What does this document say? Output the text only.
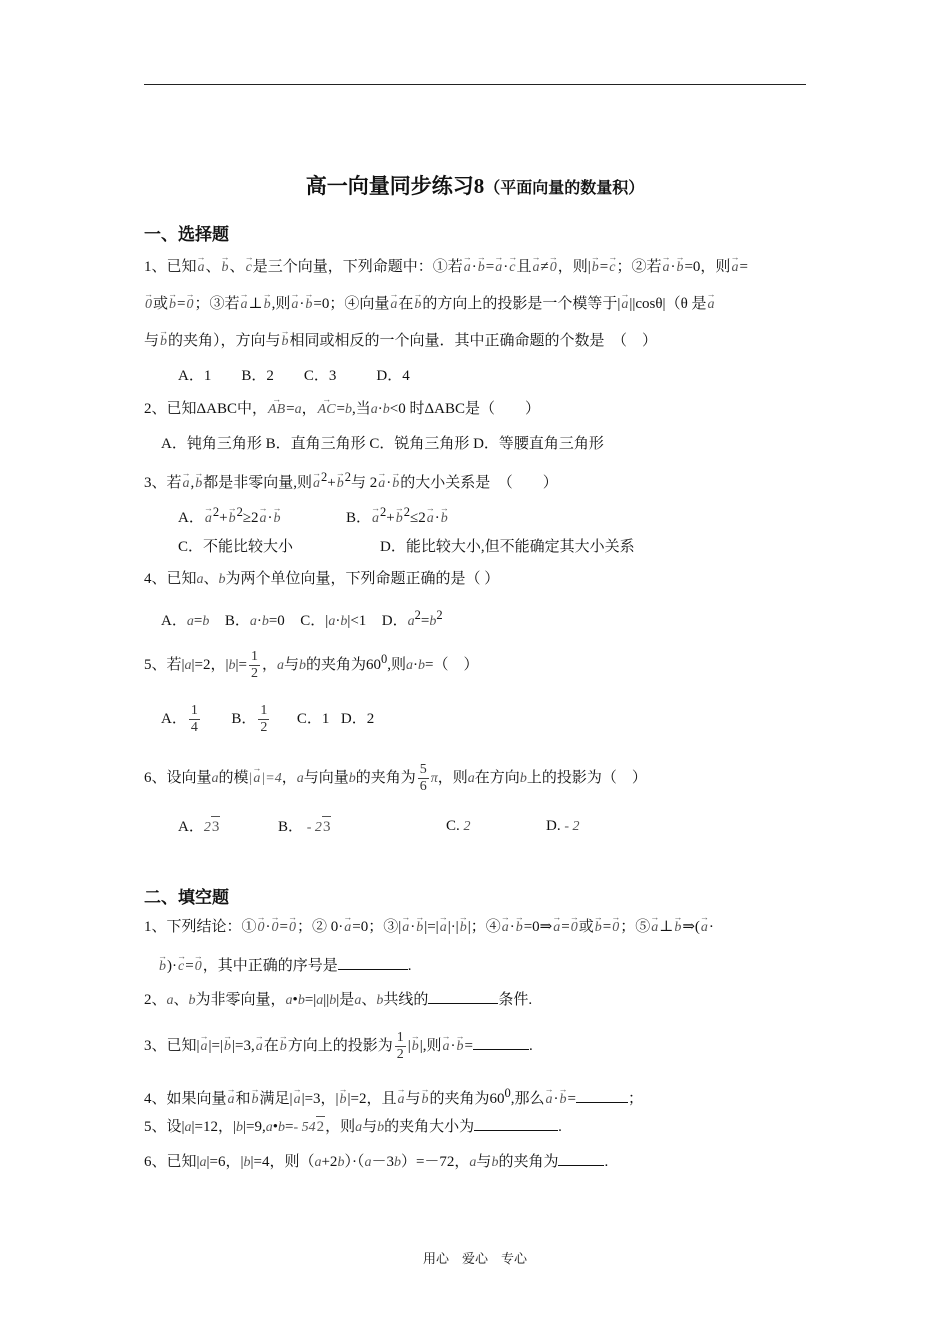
高一向量同步练习8（平面向量的数量积）
一、选择题
1、已知→ a、→ b、→ c是三个向量，下列命题中：①若→ a·→ b=→ a·→ c且→ a≠→ 0，则|→ b=→ c；②若→ a·→ b=0，则→ a=
→ 0或→ b=→ 0；③若→ a⊥→ b,则→ a·→ b=0；④向量→ a在→ b的方向上的投影是一个模等于|→ a||cosθ|（θ 是→ a
与→ b的夹角），方向与→ b相同或相反的一个向量．其中正确命题的个数是　（　）
A．1 B．2 C．3	D．4
2、已知ΔABC中，→ AB=a，→ AC=b,当a·b<0 时ΔABC是（　　）
A．钝角三角形 B．直角三角形 C．锐角三角形 D．等腰直角三角形
3、若→ a,→ b都是非零向量,则→ $a^2+\to b^2$与 2→ a·→ b的大小关系是　（　　）
A．→ $a^2+\to b^2\ge 2\to a\cdot\to b$	B．→ $a^2+\to b^2\le 2\to a\cdot\to b$
C．不能比较大小	D．能比较大小,但不能确定其大小关系
4、已知a、b为两个单位向量，下列命题正确的是（ ）
A．a=b B．a·b=0 C．|a·b|<1 D．$a^2=b^2$
5、若|a|=2，$|b|= \frac{1}{2}$ ，a与b的夹角为$60^0$,则a·b=（　）
A． $\frac{1}{4}$ B． $\frac{1}{2}$ C．1 D．2
6、设向量a的模|→ a|=4，a与向量b的夹角为 $\frac{5}{6}$ π，则a在方向b上的投影为（　）
A．23	B． - 23	C. 2	D. - 2
二、填空题
1、下列结论：①→ 0·→ 0=→ 0；② 0·→ a=0；③|→ a·→ b|=|→ a|·|→ b|；④→ a·→ b=0⇒→ a=→ 0或→ b=→ 0；⑤→ a⊥→ b⇒(→ a·
→ b)·→ c=→ 0，其中正确的序号是	.
2、a、b为非零向量，a•b=|a||b|是a、b共线的	条件.
3、已知|→ a|=|→ b|=3,→ a在→ b方向上的投影为 $\frac{1}{2}$ |→ b|,则→ a·→ b=	.
4、如果向量→ a和→ b满足|→ a|=3，|→ b|=2，且→ a与→ b的夹角为$60^0$,那么→ a·→ b=	；
5、设|a|=12，|b|=9,a•b=- 542，则a与b的夹角大小为	.
6、已知|a|=6，|b|=4，则（a+2b）·（a－3b）=－72，a与b的夹角为	.
用心　爱心　专心
